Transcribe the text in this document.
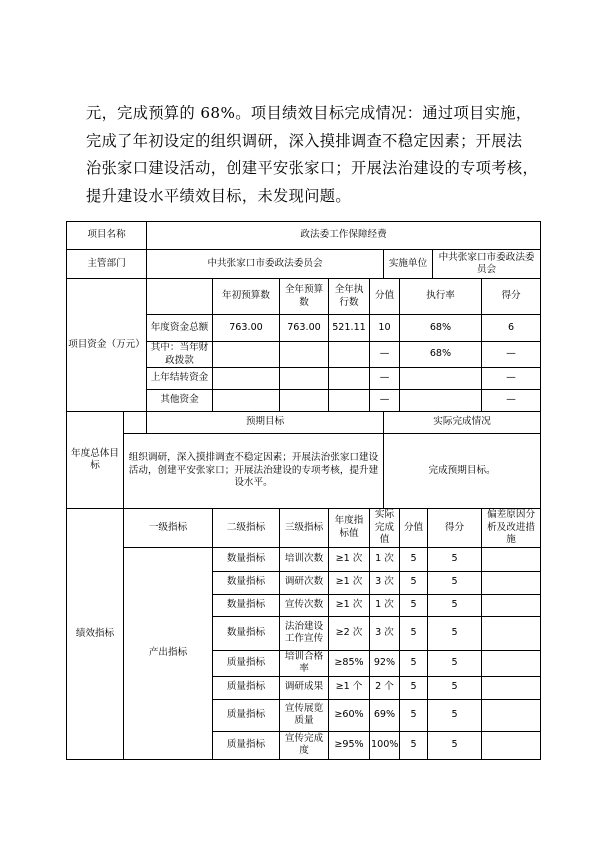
元，完成预算的 68%。项目绩效目标完成情况：通过项目实施，

完成了年初设定的组织调研，深入摸排调查不稳定因素；开展法

治张家口建设活动，创建平安张家口；开展法治建设的专项考核，

提升建设水平绩效目标，未发现问题。

项目名称		政法委工作保障经费									
主管部门		中共张家口市委政法委员会					实施单位			中共张家口市委政法委员会	
项目资金（万元）			年初预算数	全年预算数	全年执行数	分值		执行率			得分
		年度资金总额	763.00	763.00	521.11	10		68%			6
		其中：当年财政拨款				—		68%			—
		上年结转资金				—					—
		其他资金				—					—
年度总体目标		预期目标					实际完成情况				
	组织调研，深入摸排调查不稳定因素；开展法治张家口建设活动，创建平安张家口；开展法治建设的专项考核，提升建设水平。						完成预期目标。				
绩效指标	一级指标		二级指标	三级指标	年度指标值	实际完成值		分值	得分		偏差原因分析及改进措施
	产出指标		数量指标	培训次数	≥1 次	1 次		5	5		
			数量指标	调研次数	≥1 次	3 次		5	5		
			数量指标	宣传次数	≥1 次	1 次		5	5		
			数量指标	法治建设工作宣传	≥2 次	3 次		5	5		
			质量指标	培训合格率	≥85%	92%		5	5		
			质量指标	调研成果	≥1 个	2 个		5	5		
			质量指标	宣传展览质量	≥60%	69%		5	5		
			质量指标	宣传完成度	≥95%	100%		5	5		
